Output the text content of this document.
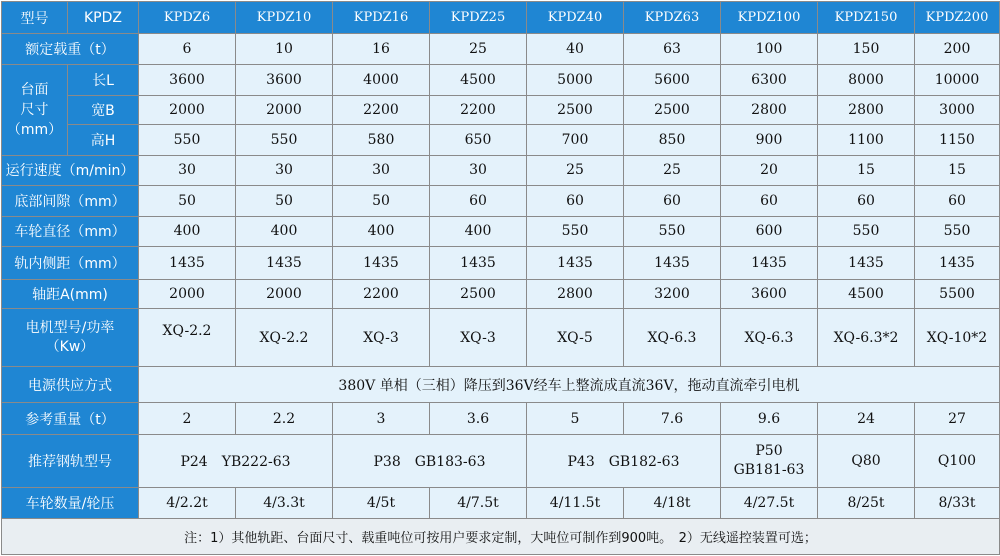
型号	KPDZ	KPDZ6	KPDZ10	KPDZ16	KPDZ25	KPDZ40	KPDZ63	KPDZ100	KPDZ150	KPDZ200
额定载重（t）		6	10	16	25	40	63	100	150	200

台面
尺寸
（mm）	长L	3600	3600	4000	4500	5000	5600	6300	8000	10000
	宽B	2000	2000	2200	2200	2500	2500	2800	2800	3000
	高H	550	550	580	650	700	850	900	1100	1150
运行速度（m/min）		30	30	30	30	25	25	20	15	15
底部间隙（mm）		50	50	50	60	60	60	60	60	60
车轮直径（mm）		400	400	400	400	550	550	600	550	550
轨内侧距（mm）		1435	1435	1435	1435	1435	1435	1435	1435	1435
轴距A(mm)		2000	2000	2200	2500	2800	3200	3600	4500	5500

电机型号/功率
（Kw）		XQ-2.2	XQ-2.2	XQ-3	XQ-3	XQ-5	XQ-6.3	XQ-6.3	XQ-6.3*2	XQ-10*2
电源供应方式		380V 单相（三相）降压到36V经车上整流成直流36V，拖动直流牵引电机								
参考重量（t）		2	2.2	3	3.6	5	7.6	9.6	24	27
推荐钢轨型号		P24　YB222-63		P38　GB183-63		P43　GB182-63		P50
GB181-63	Q80	Q100
车轮数量/轮压		4/2.2t	4/3.3t	4/5t	4/7.5t	4/11.5t	4/18t	4/27.5t	8/25t	8/33t
注：1）其他轨距、台面尺寸、载重吨位可按用户要求定制，大吨位可制作到900吨。　2）无线遥控装置可选；										
